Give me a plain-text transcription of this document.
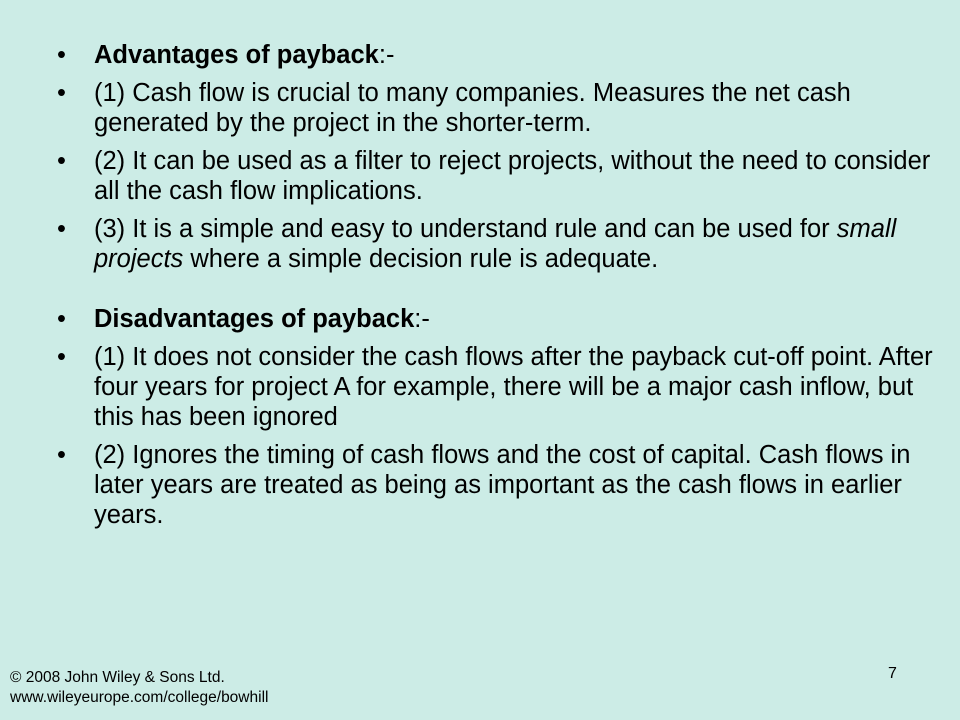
•	Advantages of payback:-
•	(1) Cash flow is crucial to many companies. Measures the net cash generated by the project in the shorter-term.
•	(2) It can be used as a filter to reject projects, without the need to consider all the cash flow implications.
•	(3) It is a simple and easy to understand rule and can be used for small projects where a simple decision rule is adequate.
•	Disadvantages of payback:-
•	(1) It does not consider the cash flows after the payback cut-off point. After four years for project A for example, there will be a major cash inflow, but this has been ignored
•	(2) Ignores the timing of cash flows and the cost of capital. Cash flows in later years are treated as being as important as the cash flows in earlier years.
© 2008 John Wiley & Sons Ltd.
www.wileyeurope.com/college/bowhill
7
